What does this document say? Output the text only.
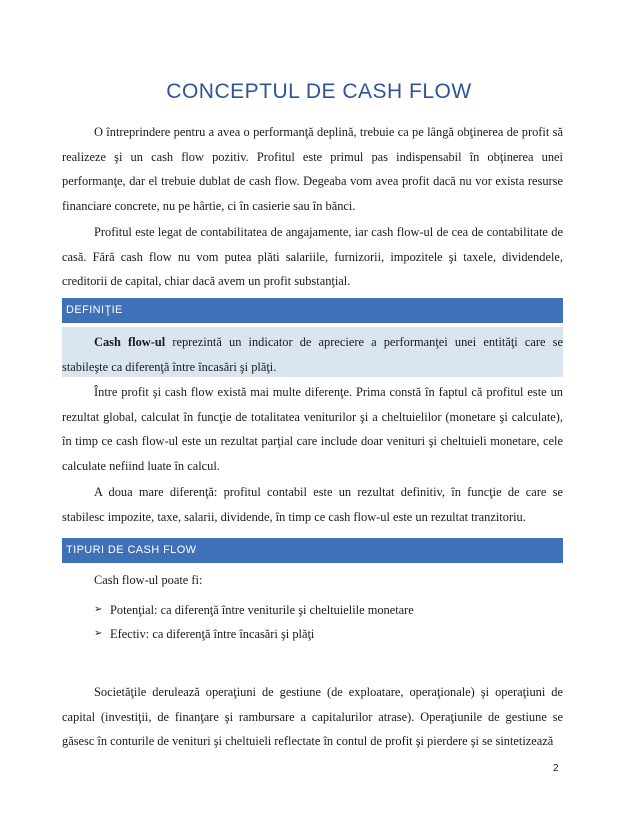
CONCEPTUL DE CASH FLOW

O întreprindere pentru a avea o performanţă deplină, trebuie ca pe lângă obţinerea de profit să realizeze şi un cash flow pozitiv. Profitul este primul pas indispensabil în obţinerea unei performanţe, dar el trebuie dublat de cash flow. Degeaba vom avea profit dacă nu vor exista resurse financiare concrete, nu pe hârtie, ci în casierie sau în bănci.

Profitul este legat de contabilitatea de angajamente, iar cash flow-ul de cea de contabilitate de casă. Fără cash flow nu vom putea plăti salariile, furnizorii, impozitele şi taxele, dividendele, creditorii de capital, chiar dacă avem un profit substanţial.

DEFINIŢIE

Cash flow-ul reprezintă un indicator de apreciere a performanţei unei entităţi care se stabileşte ca diferenţă între încasări şi plăţi.

Între profit şi cash flow există mai multe diferenţe. Prima constă în faptul că profitul este un rezultat global, calculat în funcţie de totalitatea veniturilor şi a cheltuielilor (monetare şi calculate), în timp ce cash flow-ul este un rezultat parţial care include doar venituri şi cheltuieli monetare, cele calculate nefiind luate în calcul.

A doua mare diferenţă: profitul contabil este un rezultat definitiv, în funcţie de care se stabilesc impozite, taxe, salarii, dividende, în timp ce cash flow-ul este un rezultat tranzitoriu.

TIPURI DE CASH FLOW

Cash flow-ul poate fi:

➢ Potenţial: ca diferenţă între veniturile şi cheltuielile monetare
➢ Efectiv: ca diferenţă între încasări şi plăţi

Societăţile derulează operaţiuni de gestiune (de exploatare, operaţionale) şi operaţiuni de capital (investiţii, de finanţare şi rambursare a capitalurilor atrase). Operaţiunile de gestiune se găsesc în conturile de venituri şi cheltuieli reflectate în contul de profit şi pierdere şi se sintetizează

2
